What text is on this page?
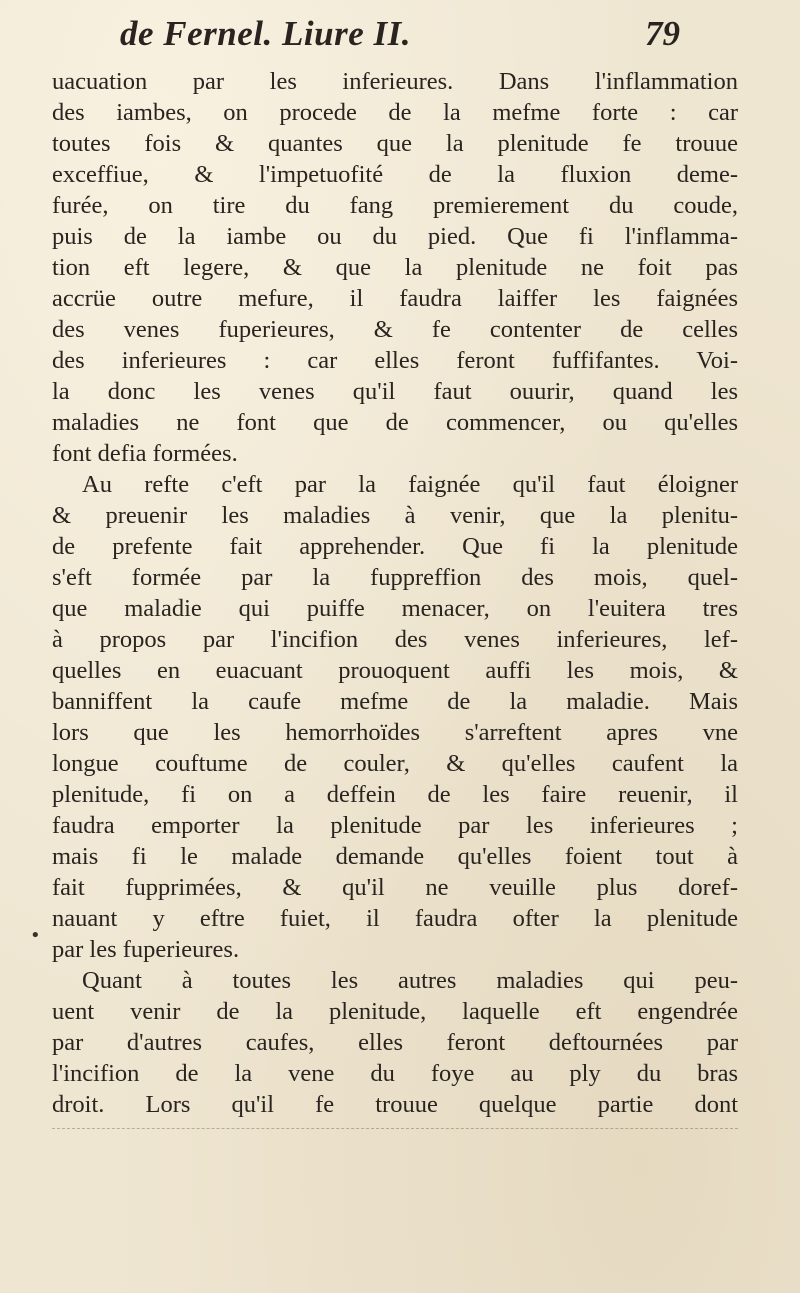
de Fernel. Liure II.	79
•
uacuation par les inferieures. Dans l'inflammation
des iambes, on procede de la mefme forte : car
toutes fois & quantes que la plenitude fe trouue
exceffiue, & l'impetuofité de la fluxion deme-
furée, on tire du fang premierement du coude,
puis de la iambe ou du pied. Que fi l'inflamma-
tion eft legere, & que la plenitude ne foit pas
accrüe outre mefure, il faudra laiffer les faignées
des venes fuperieures, & fe contenter de celles
des inferieures : car elles feront fuffifantes. Voi-
la donc les venes qu'il faut ouurir, quand les
maladies ne font que de commencer, ou qu'elles
font defia formées.
Au refte c'eft par la faignée qu'il faut éloigner
& preuenir les maladies à venir, que la plenitu-
de prefente fait apprehender. Que fi la plenitude
s'eft formée par la fuppreffion des mois, quel-
que maladie qui puiffe menacer, on l'euitera tres
à propos par l'incifion des venes inferieures, lef-
quelles en euacuant prouoquent auffi les mois, &
banniffent la caufe mefme de la maladie. Mais
lors que les hemorrhoïdes s'arreftent apres vne
longue couftume de couler, & qu'elles caufent la
plenitude, fi on a deffein de les faire reuenir, il
faudra emporter la plenitude par les inferieures ;
mais fi le malade demande qu'elles foient tout à
fait fupprimées, & qu'il ne veuille plus doref-
nauant y eftre fuiet, il faudra ofter la plenitude
par les fuperieures.
Quant à toutes les autres maladies qui peu-
uent venir de la plenitude, laquelle eft engendrée
par d'autres caufes, elles feront deftournées par
l'incifion de la vene du foye au ply du bras
droit. Lors qu'il fe trouue quelque partie dont
